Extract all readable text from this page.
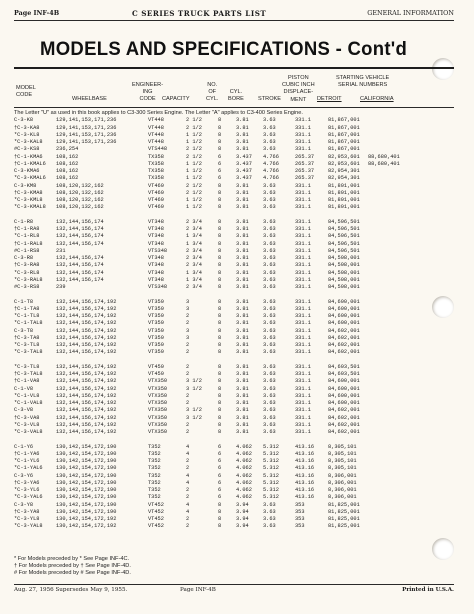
Page INF-4B	C SERIES TRUCK PARTS LIST	GENERAL INFORMATION
MODELS AND SPECIFICATIONS - Cont'd
MODEL
CODE
WHEELBASE
ENGINEER-
ING
CODE	CAPACITY
NO.
OF
CYL.
CYL.
BORE	STROKE
PISTON
CUBIC INCH
DISPLACE-
MENT
STARTING VEHICLE
SERIAL NUMBERS
DETROIT	CALIFORNIA
The Letter "U" as used in this book applies to C3-300 Series Engine. The Letter "A" applies to C3-400 Series Engine.
C-3-K8	129,141,153,171,236	VT448	2 1/2	8	3.81	3.63	331.1	81,867,001
†C-3-KA8	129,141,153,171,236	VT448	2 1/2	8	3.81	3.63	331.1	81,867,001
*C-3-KL8	129,141,153,171,236	VT448	1 1/2	8	3.81	3.63	331.1	81,867,001
*C-3-KAL8	129,141,153,171,236	VT448	1 1/2	8	3.81	3.63	331.1	81,867,001
#C-3-KS8	236,254	VTS448	2 1/2	8	3.81	3.63	331.1	81,867,001
†C-1-KMA6	108,162	TX358	2 1/2	6	3.437 4.766	265.37	82,953,601 88,680,401
†C-1-KMAL6 108,162	TX358	1 1/2	6	3.437 4.766	265.37	82,953,601 88,680,401
C-3-KMA6	108,162	TX358	1 1/2	6	3.437 4.766	265.37	82,954,301
*C-3-KMAL6 108,162	TX358	1 1/2	6	3.437 4.766	265.37	82,954,301
C-3-KM8	108,120,132,162	VT460	2 1/2	8	3.81	3.63	331.1	81,801,001
†C-3-KMA8	108,120,132,162	VT460	2 1/2	8	3.81	3.63	331.1	81,801,001
*C-3-KML8	108,120,132,162	VT460	1 1/2	8	3.81	3.63	331.1	81,801,001
*C-3-KMAL8 108,120,132,162	VT460	1 1/2	8	3.81	3.63	331.1	81,801,001
C-1-R8	132,144,156,174	VT348	2 3/4	8	3.81	3.63	331.1	84,506,501
†C-1-RA8	132,144,156,174	VT348	2 3/4	8	3.81	3.63	331.1	84,506,501
*C-1-RL8	132,144,156,174	VT348	1 3/4	8	3.81	3.63	331.1	84,506,501
†C-1-RAL8	132,144,156,174	VT348	1 3/4	8	3.81	3.63	331.1	84,506,501
#C-1-RS8	231	VTS348	2 3/4	8	3.81	3.63	331.1	84,506,501
C-3-R8	132,144,156,174	VT348	2 3/4	8	3.81	3.63	331.1	84,508,001
†C-3-RA8	132,144,156,174	VT348	2 3/4	8	3.81	3.63	331.1	84,508,001
*C-3-RL8	132,144,156,174	VT348	1 3/4	8	3.81	3.63	331.1	84,508,001
*C-3-RAL8	132,144,156,174	VT348	1 3/4	8	3.81	3.63	331.1	84,508,001
#C-3-RS8	239	VTS348	2 3/4	8	3.81	3.63	331.1	84,508,001
C-1-T8	132,144,156,174,192	VT350	3	8	3.81	3.63	331.1	84,600,001
†C-1-TA8	132,144,156,174,192	VT350	3	8	3.81	3.63	331.1	84,600,001
*C-1-TL8	132,144,156,174,192	VT350	2	8	3.81	3.63	331.1	84,600,001
*C-1-TAL8	132,144,156,174,192	VT350	2	8	3.81	3.63	331.1	84,600,001
C-3-T8	132,144,156,174,192	VT350	3	8	3.81	3.63	331.1	84,602,001
†C-3-TA8	132,144,156,174,192	VT350	3	8	3.81	3.63	331.1	84,602,001
*C-3-TL8	132,144,156,174,192	VT350	2	8	3.81	3.63	331.1	84,602,001
*C-3-TAL8	132,144,156,174,192	VT350	2	8	3.81	3.63	331.1	84,602,001
*C-3-TL8	132,144,156,174,192	VT450	2	8	3.81	3.63	331.1	84,603,501
†C-3-TAL8	132,144,156,174,192	VT450	2	8	3.81	3.63	331.1	84,603,501
†C-1-VA8	132,144,156,174,192	VTX350	3 1/2	8	3.81	3.63	331.1	84,600,001
C-1-V8	132,144,156,174,192	VTX350	3 1/2	8	3.81	3.63	331.1	84,600,001
*C-1-VL8	132,144,156,174,192	VTX350	2	8	3.81	3.63	331.1	84,600,001
*C-1-VAL8	132,144,156,174,192	VTX350	2	8	3.81	3.63	331.1	84,600,001
C-3-V8	132,144,156,174,192	VTX350	3 1/2	8	3.81	3.63	331.1	84,602,001
†C-3-VA8	132,144,156,174,192	VTX350	3 1/2	8	3.81	3.63	331.1	84,602,001
*C-3-VL8	132,144,156,174,192	VTX350	2	8	3.81	3.63	331.1	84,602,001
*C-3-VAL8	132,144,156,174,192	VTX350	2	8	3.81	3.63	331.1	84,602,001
C-1-Y6	130,142,154,172,190	T352	4	6	4.062 5.312	413.16	8,305,101
†C-1-YA6	130,142,154,172,190	T352	4	6	4.062 5.312	413.16	8,305,101
*C-1-YL6	130,142,154,172,190	T352	2	6	4.062 5.312	413.16	8,305,101
*C-1-YAL6	130,142,154,172,190	T352	2	6	4.062 5.312	413.16	8,305,101
C-3-Y6	130,142,154,172,190	T352	4	6	4.062 5.312	413.16	8,306,001
†C-3-YA6	130,142,154,172,190	T352	4	6	4.062 5.312	413.16	8,306,001
*C-3-YL6	130,142,154,172,190	T352	2	6	4.062 5.312	413.16	8,306,001
*C-3-YAL6	130,142,154,172,190	T352	2	6	4.062 5.312	413.16	8,306,001
C-3-Y8	130,142,154,172,190	VT452	4	8	3.94	3.63	353	81,825,001
†C-3-YA8	130,142,154,172,190	VT452	4	8	3.94	3.63	353	81,825,001
*C-3-YL8	130,142,154,172,192	VT452	2	8	3.94	3.63	353	81,825,001
*C-3-YAL8	130,142,154,172,192	VT452	2	8	3.94	3.63	353	81,825,001
* For Models preceded by * See Page INF-4C.
† For Models preceded by † See Page INF-4D.
# For Models preceded by # See Page INF-4D.
Aug. 27, 1956 Supersedes May 9, 1955.	Page INF-4B	Printed in U.S.A.
